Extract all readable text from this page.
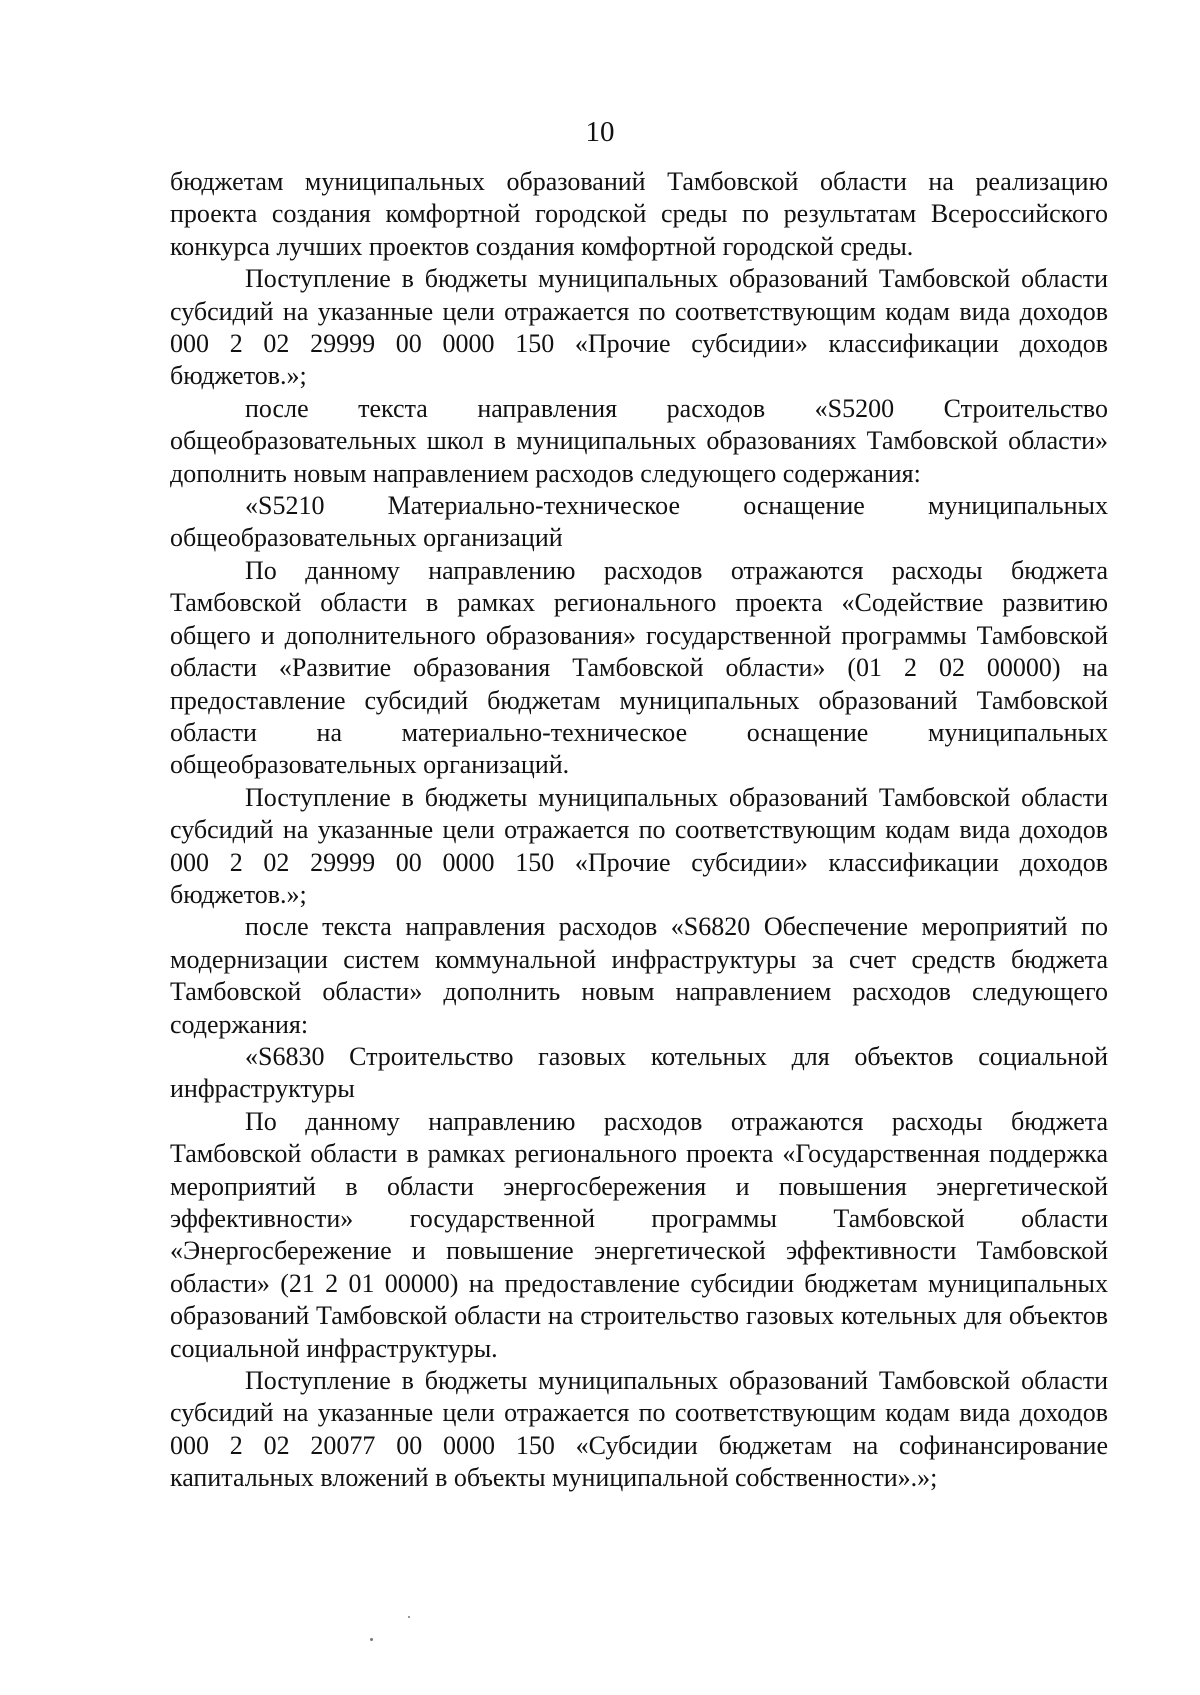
10

бюджетам муниципальных образований Тамбовской области на реализацию проекта создания комфортной городской среды по результатам Всероссийского конкурса лучших проектов создания комфортной городской среды.

Поступление в бюджеты муниципальных образований Тамбовской области субсидий на указанные цели отражается по соответствующим кодам вида доходов 000 2 02 29999 00 0000 150 «Прочие субсидии» классификации доходов бюджетов.»;

после текста направления расходов «S5200 Строительство общеобразовательных школ в муниципальных образованиях Тамбовской области» дополнить новым направлением расходов следующего содержания:

«S5210 Материально-техническое оснащение муниципальных общеобразовательных организаций

По данному направлению расходов отражаются расходы бюджета Тамбовской области в рамках регионального проекта «Содействие развитию общего и дополнительного образования» государственной программы Тамбовской области «Развитие образования Тамбовской области» (01 2 02 00000) на предоставление субсидий бюджетам муниципальных образований Тамбовской области на материально-техническое оснащение муниципальных общеобразовательных организаций.

Поступление в бюджеты муниципальных образований Тамбовской области субсидий на указанные цели отражается по соответствующим кодам вида доходов 000 2 02 29999 00 0000 150 «Прочие субсидии» классификации доходов бюджетов.»;

после текста направления расходов «S6820 Обеспечение мероприятий по модернизации систем коммунальной инфраструктуры за счет средств бюджета Тамбовской области» дополнить новым направлением расходов следующего содержания:

«S6830 Строительство газовых котельных для объектов социальной инфраструктуры

По данному направлению расходов отражаются расходы бюджета Тамбовской области в рамках регионального проекта «Государственная поддержка мероприятий в области энергосбережения и повышения энергетической эффективности» государственной программы Тамбовской области «Энергосбережение и повышение энергетической эффективности Тамбовской области» (21 2 01 00000) на предоставление субсидии бюджетам муниципальных образований Тамбовской области на строительство газовых котельных для объектов социальной инфраструктуры.

Поступление в бюджеты муниципальных образований Тамбовской области субсидий на указанные цели отражается по соответствующим кодам вида доходов 000 2 02 20077 00 0000 150 «Субсидии бюджетам на софинансирование капитальных вложений в объекты муниципальной собственности».»;
